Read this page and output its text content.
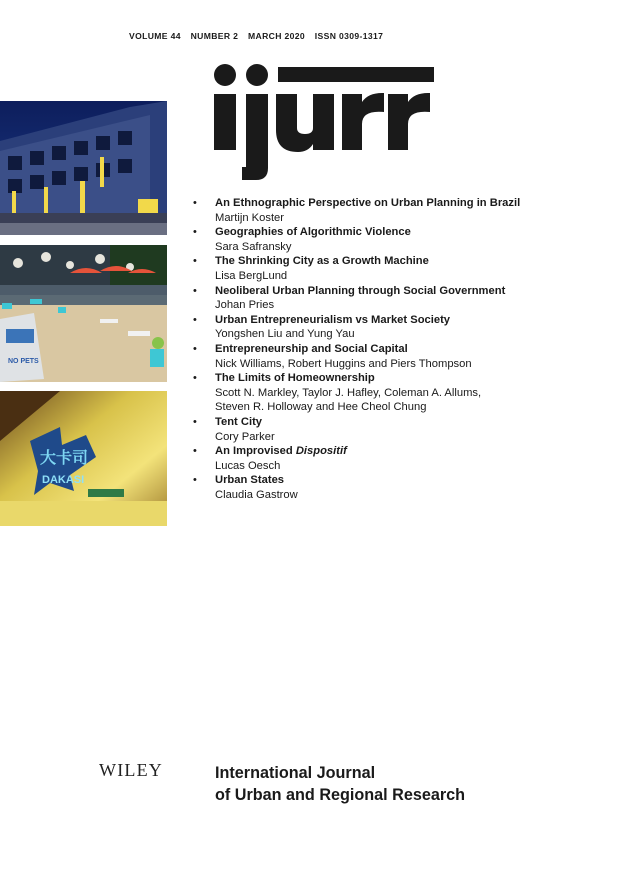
VOLUME 44 NUMBER 2 MARCH 2020 ISSN 0309-1317
NO PETS
大卡司
DAKASI
• An Ethnographic Perspective on Urban Planning in Brazil
Martijn Koster
• Geographies of Algorithmic Violence
Sara Safransky
• The Shrinking City as a Growth Machine
Lisa BergLund
• Neoliberal Urban Planning through Social Government
Johan Pries
• Urban Entrepreneurialism vs Market Society
Yongshen Liu and Yung Yau
• Entrepreneurship and Social Capital
Nick Williams, Robert Huggins and Piers Thompson
• The Limits of Homeownership
Scott N. Markley, Taylor J. Hafley, Coleman A. Allums,
Steven R. Holloway and Hee Cheol Chung
• Tent City
Cory Parker
• An Improvised Dispositif
Lucas Oesch
• Urban States
Claudia Gastrow
WILEY	International Journal
of Urban and Regional Research
